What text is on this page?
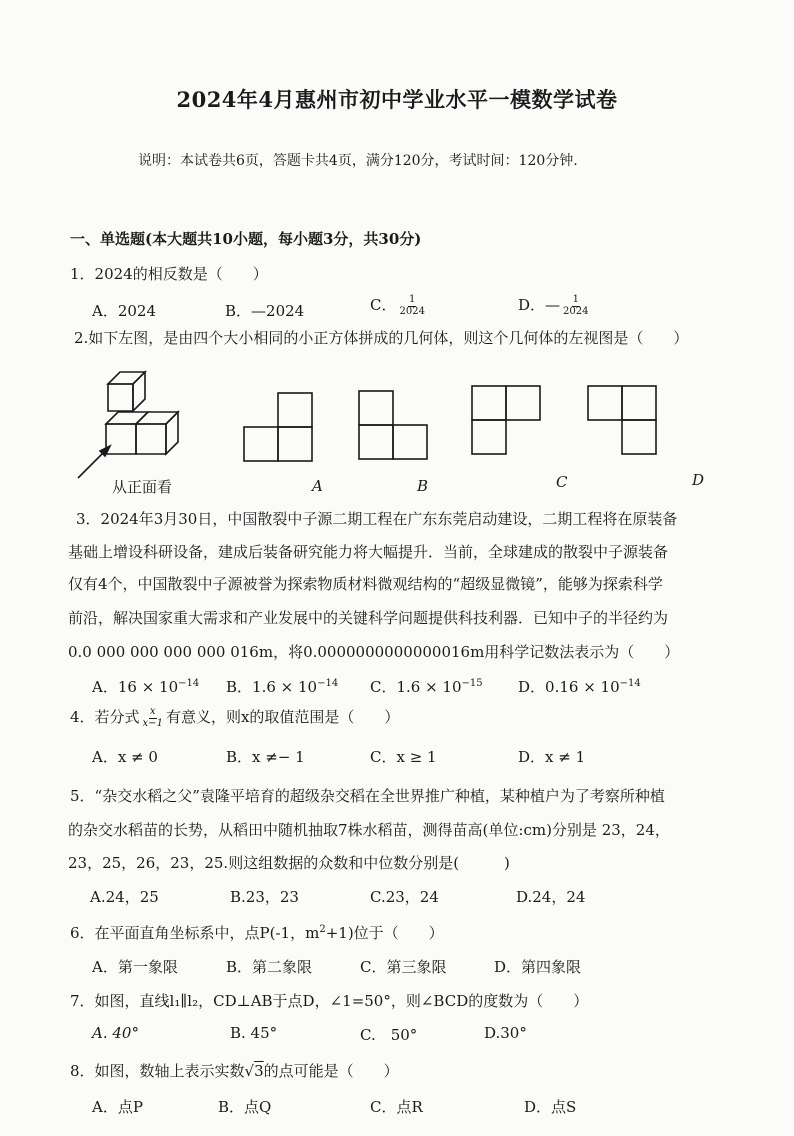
2024年4月惠州市初中学业水平一模数学试卷
说明：本试卷共6页，答题卡共4页，满分120分，考试时间：120分钟.
一、单选题(本大题共10小题，每小题3分，共30分)
1．2024的相反数是（　　）
A．2024	B．—2024	C． $\frac{1}{2024}$	D．— $\frac{1}{2024}$
2.如下左图，是由四个大小相同的小正方体拼成的几何体，则这个几何体的左视图是（　　）
从正面看	A	B	C	D
3．2024年3月30日，中国散裂中子源二期工程在广东东莞启动建设，二期工程将在原装备
基础上增设科研设备，建成后装备研究能力将大幅提升．当前，全球建成的散裂中子源装备
仅有4个，中国散裂中子源被誉为探索物质材料微观结构的“超级显微镜”，能够为探索科学
前沿，解决国家重大需求和产业发展中的关键科学问题提供科技利器．已知中子的半径约为
0.0 000 000 000 000 016m，将0.0000000000000016m用科学记数法表示为（　　）
A．$16 \times 10^{-14}$ B．$1.6 \times 10^{-14}$ C．$1.6 \times 10^{-15}$ D．$0.16 \times 10^{-14}$
4．若分式 $\frac{x}{x-1}$ 有意义，则x的取值范围是（　　）
A．x ≠ 0	B．x ≠− 1	C．x ≥ 1	D．x ≠ 1
5．“杂交水稻之父”袁隆平培育的超级杂交稻在全世界推广种植，某种植户为了考察所种植
的杂交水稻苗的长势，从稻田中随机抽取7株水稻苗，测得苗高(单位:cm)分别是 23，24，
23，25，26，23，25.则这组数据的众数和中位数分别是(　　　)
A.24，25	B.23，23	C.23，24	D.24，24
6．在平面直角坐标系中，点P(-1，$m^2+1$)位于（　　）
A．第一象限	B．第二象限	C．第三象限	D．第四象限
7．如图，直线l₁∥l₂，CD⊥AB于点D，∠1=50°，则∠BCD的度数为（　　）
A. 40°	B. 45°	C.　50°	D.30°
8．如图，数轴上表示实数√3的点可能是（　　）
A．点P	B．点Q	C．点R	D．点S
